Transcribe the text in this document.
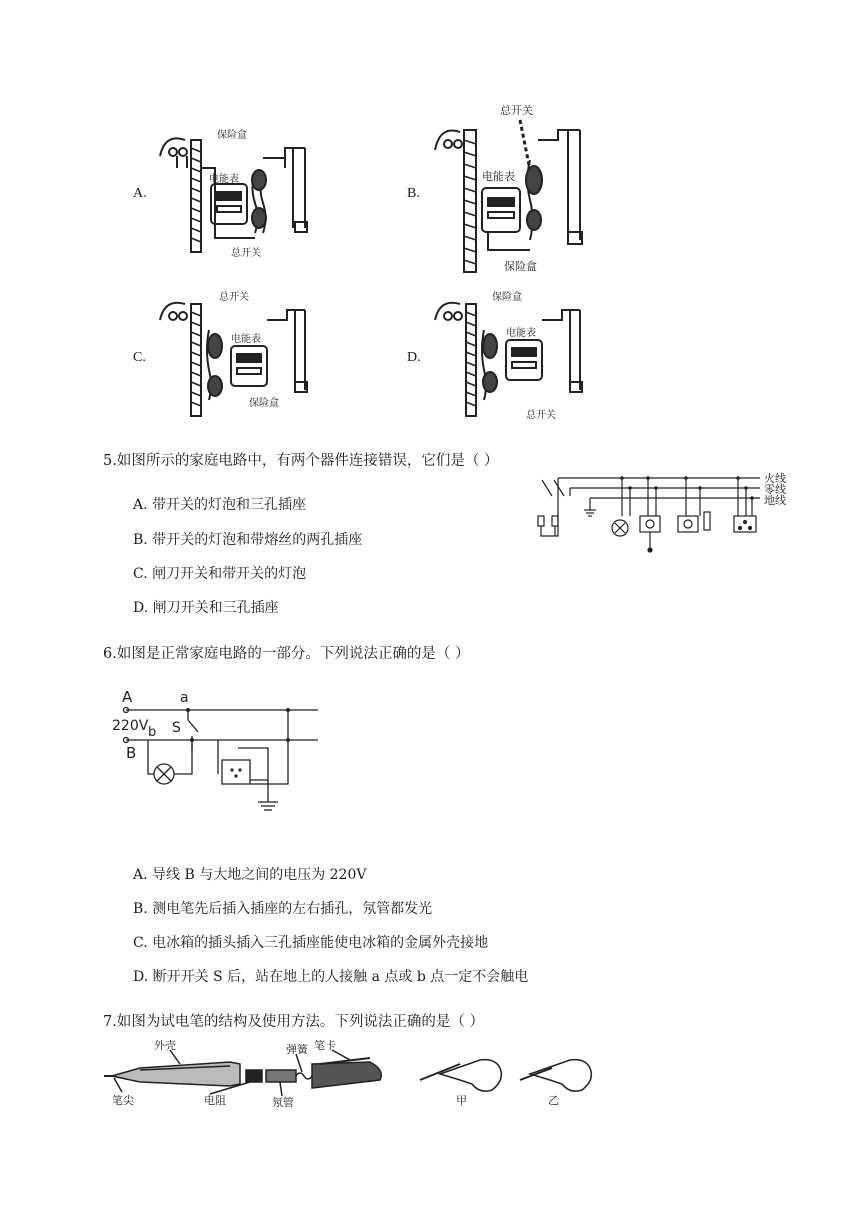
A.	B.
C.	D.
保险盒
电能表
总开关
总开关
电能表
保险盒
总开关
电能表
保险盒
保险盒
电能表
总开关
5.如图所示的家庭电路中，有两个器件连接错误，它们是（ ）
A. 带开关的灯泡和三孔插座
B. 带开关的灯泡和带熔丝的两孔插座
C. 闸刀开关和带开关的灯泡
D. 闸刀开关和三孔插座
火线
零线
地线
6.如图是正常家庭电路的一部分。下列说法正确的是（ ）
A
220V b
B
a
S
A. 导线 B 与大地之间的电压为 220V
B. 测电笔先后插入插座的左右插孔，氖管都发光
C. 电冰箱的插头插入三孔插座能使电冰箱的金属外壳接地
D. 断开开关 S 后，站在地上的人接触 a 点或 b 点一定不会触电
7.如图为试电笔的结构及使用方法。下列说法正确的是（ ）
外壳	弹簧 笔卡
笔尖	电阻	氖管	甲	乙
